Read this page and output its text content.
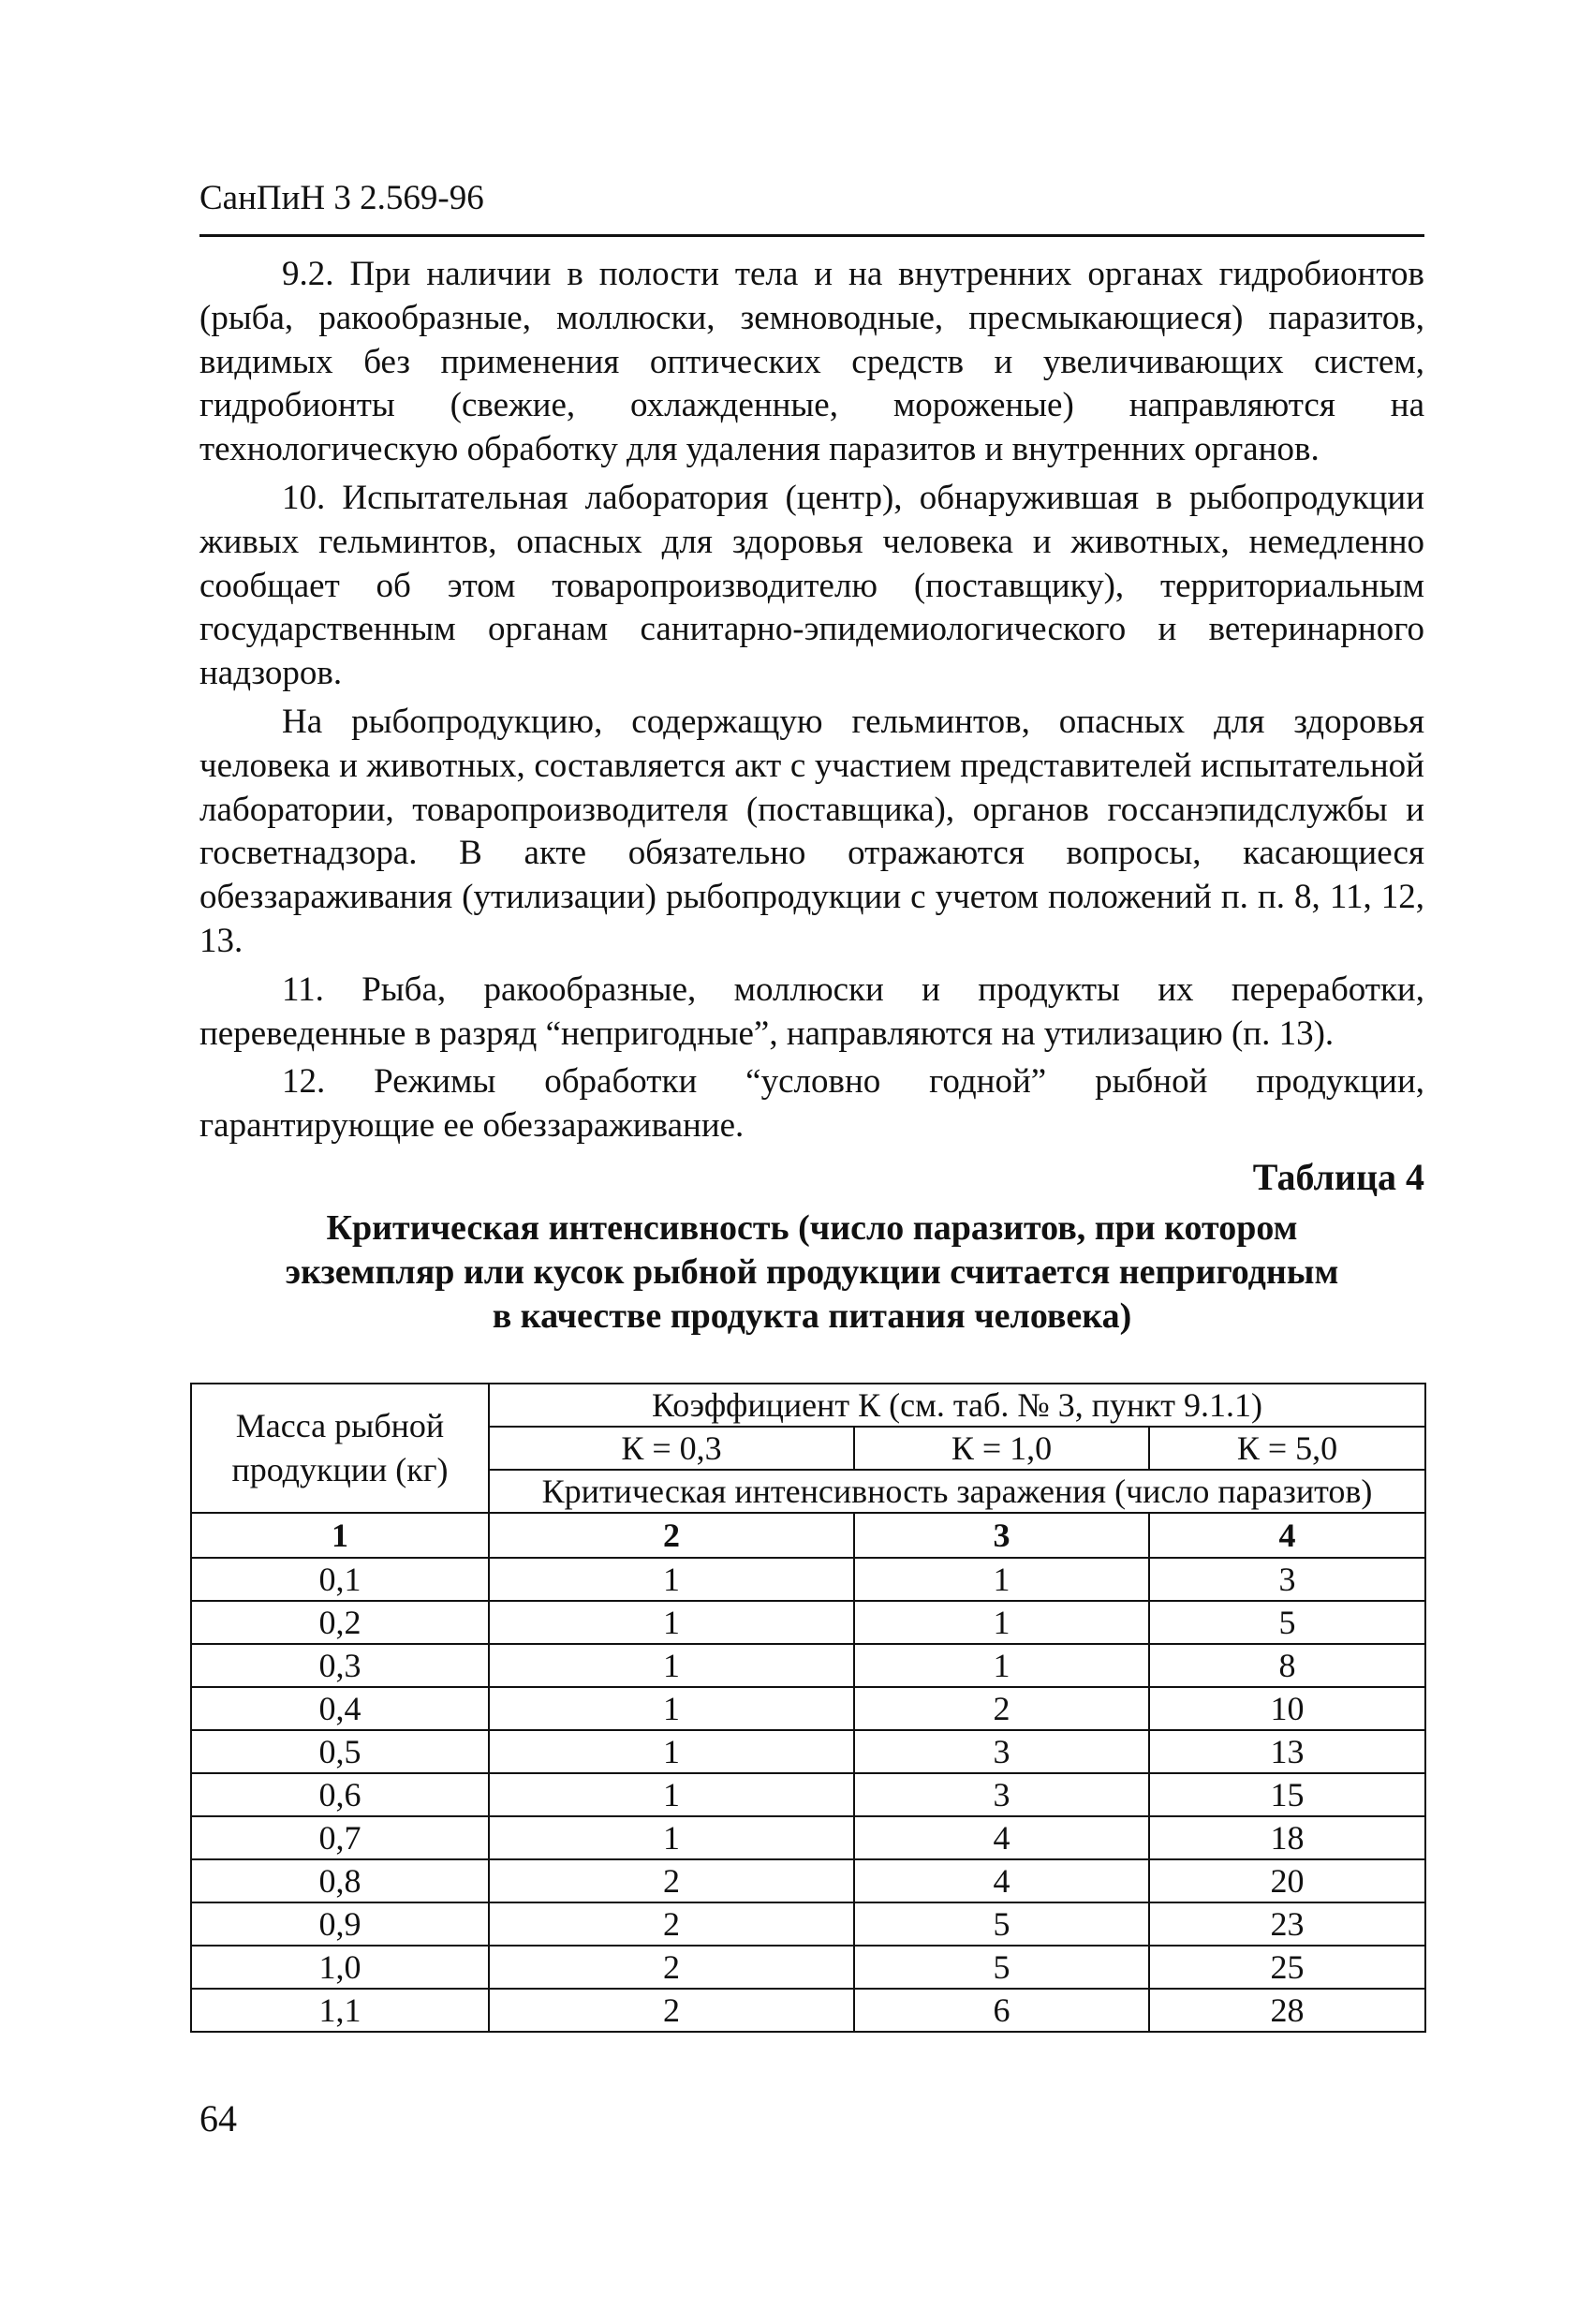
СанПиН 3 2.569-96

9.2. При наличии в полости тела и на внутренних органах гидробионтов (рыба, ракообразные, моллюски, земноводные, пресмыкающиеся) паразитов, видимых без применения оптических средств и увеличивающих систем, гидробионты (свежие, охлажденные, мороженые) направляются на технологическую обработку для удаления паразитов и внутренних органов.

10. Испытательная лаборатория (центр), обнаружившая в рыбопродукции живых гельминтов, опасных для здоровья человека и животных, немедленно сообщает об этом товаропроизводителю (поставщику), территориальным государственным органам санитарно-эпидемиологического и ветеринарного надзоров.

На рыбопродукцию, содержащую гельминтов, опасных для здоровья человека и животных, составляется акт с участием представителей испытательной лаборатории, товаропроизводителя (поставщика), органов госсанэпидслужбы и госветнадзора. В акте обязательно отражаются вопросы, касающиеся обеззараживания (утилизации) рыбопродукции с учетом положений п. п. 8, 11, 12, 13.

11. Рыба, ракообразные, моллюски и продукты их переработки, переведенные в разряд “непригодные”, направляются на утилизацию (п. 13).

12. Режимы обработки “условно годной” рыбной продукции, гарантирующие ее обеззараживание.

Таблица 4
Критическая интенсивность (число паразитов, при котором
экземпляр или кусок рыбной продукции считается непригодным
в качестве продукта питания человека)
Масса рыбной продукции (кг)	Коэффициент К (см. таб. № 3, пункт 9.1.1)		
	К = 0,3	К = 1,0	К = 5,0
	Критическая интенсивность заражения (число паразитов)		
1	2	3	4
0,1	1	1	3
0,2	1	1	5
0,3	1	1	8
0,4	1	2	10
0,5	1	3	13
0,6	1	3	15
0,7	1	4	18
0,8	2	4	20
0,9	2	5	23
1,0	2	5	25
1,1	2	6	28
64
